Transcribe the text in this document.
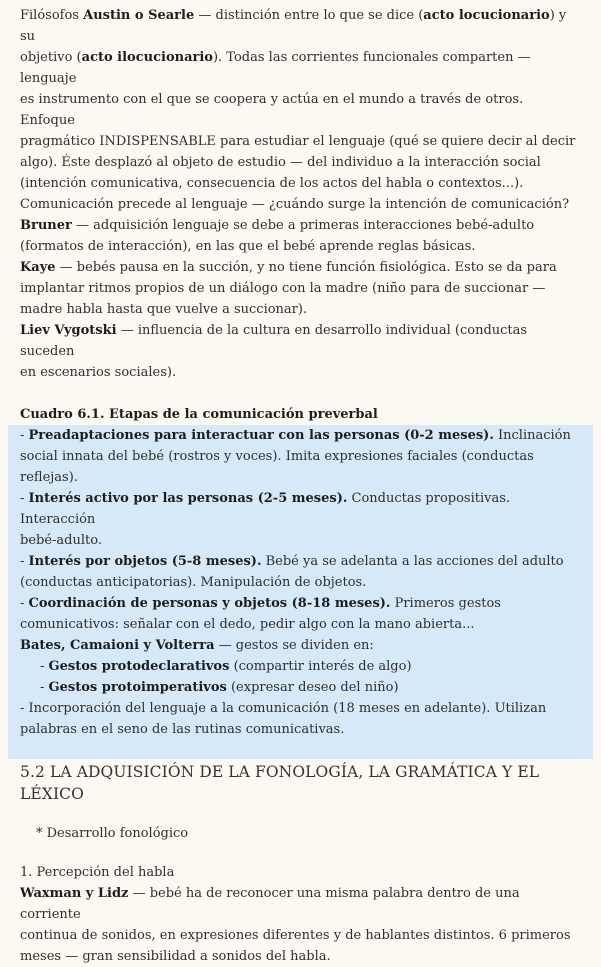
Filósofos Austin o Searle — distinción entre lo que se dice (acto locucionario) y su

objetivo (acto ilocucionario). Todas las corrientes funcionales comparten — lenguaje

es instrumento con el que se coopera y actúa en el mundo a través de otros. Enfoque

pragmático INDISPENSABLE para estudiar el lenguaje (qué se quiere decir al decir

algo). Éste desplazó al objeto de estudio — del individuo a la interacción social

(intención comunicativa, consecuencia de los actos del habla o contextos...).

Comunicación precede al lenguaje — ¿cuándo surge la intención de comunicación?

Bruner — adquisición lenguaje se debe a primeras interacciones bebé-adulto

(formatos de interacción), en las que el bebé aprende reglas básicas.

Kaye — bebés pausa en la succión, y no tiene función fisiológica. Esto se da para

implantar ritmos propios de un diálogo con la madre (niño para de succionar —

madre habla hasta que vuelve a succionar).

Liev Vygotski — influencia de la cultura en desarrollo individual (conductas suceden

en escenarios sociales).

Cuadro 6.1. Etapas de la comunicación preverbal

- Preadaptaciones para interactuar con las personas (0-2 meses). Inclinación

social innata del bebé (rostros y voces). Imita expresiones faciales (conductas

reflejas).

- Interés activo por las personas (2-5 meses). Conductas propositivas. Interacción

bebé-adulto.

- Interés por objetos (5-8 meses). Bebé ya se adelanta a las acciones del adulto

(conductas anticipatorias). Manipulación de objetos.

- Coordinación de personas y objetos (8-18 meses). Primeros gestos

comunicativos: señalar con el dedo, pedir algo con la mano abierta...

Bates, Camaioni y Volterra — gestos se dividen en:

- Gestos protodeclarativos (compartir interés de algo)

- Gestos protoimperativos (expresar deseo del niño)

- Incorporación del lenguaje a la comunicación (18 meses en adelante). Utilizan

palabras en el seno de las rutinas comunicativas.

5.2 LA ADQUISICIÓN DE LA FONOLOGÍA, LA GRAMÁTICA Y EL LÉXICO

* Desarrollo fonológico

1. Percepción del habla

Waxman y Lidz — bebé ha de reconocer una misma palabra dentro de una corriente

continua de sonidos, en expresiones diferentes y de hablantes distintos. 6 primeros

meses — gran sensibilidad a sonidos del habla.
